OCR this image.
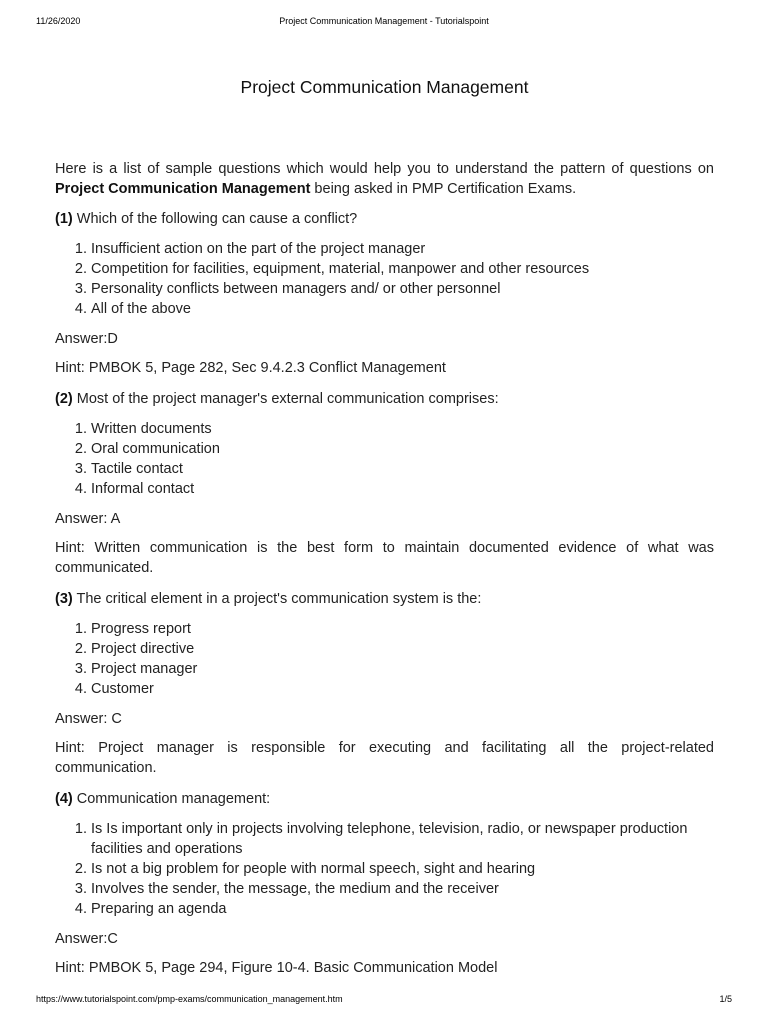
11/26/2020	Project Communication Management - Tutorialspoint
Project Communication Management

Here is a list of sample questions which would help you to understand the pattern of questions on Project Communication Management being asked in PMP Certification Exams.

(1) Which of the following can cause a conflict?

1. Insufficient action on the part of the project manager
2. Competition for facilities, equipment, material, manpower and other resources
3. Personality conflicts between managers and/ or other personnel
4. All of the above

Answer:D

Hint: PMBOK 5, Page 282, Sec 9.4.2.3 Conflict Management

(2) Most of the project manager's external communication comprises:

1. Written documents
2. Oral communication
3. Tactile contact
4. Informal contact

Answer: A

Hint: Written communication is the best form to maintain documented evidence of what was communicated.

(3) The critical element in a project's communication system is the:

1. Progress report
2. Project directive
3. Project manager
4. Customer

Answer: C

Hint: Project manager is responsible for executing and facilitating all the project-related communication.

(4) Communication management:

1. Is Is important only in projects involving telephone, television, radio, or newspaper production facilities and operations
2. Is not a big problem for people with normal speech, sight and hearing
3. Involves the sender, the message, the medium and the receiver
4. Preparing an agenda

Answer:C

Hint: PMBOK 5, Page 294, Figure 10-4. Basic Communication Model

https://www.tutorialspoint.com/pmp-exams/communication_management.htm	1/5
